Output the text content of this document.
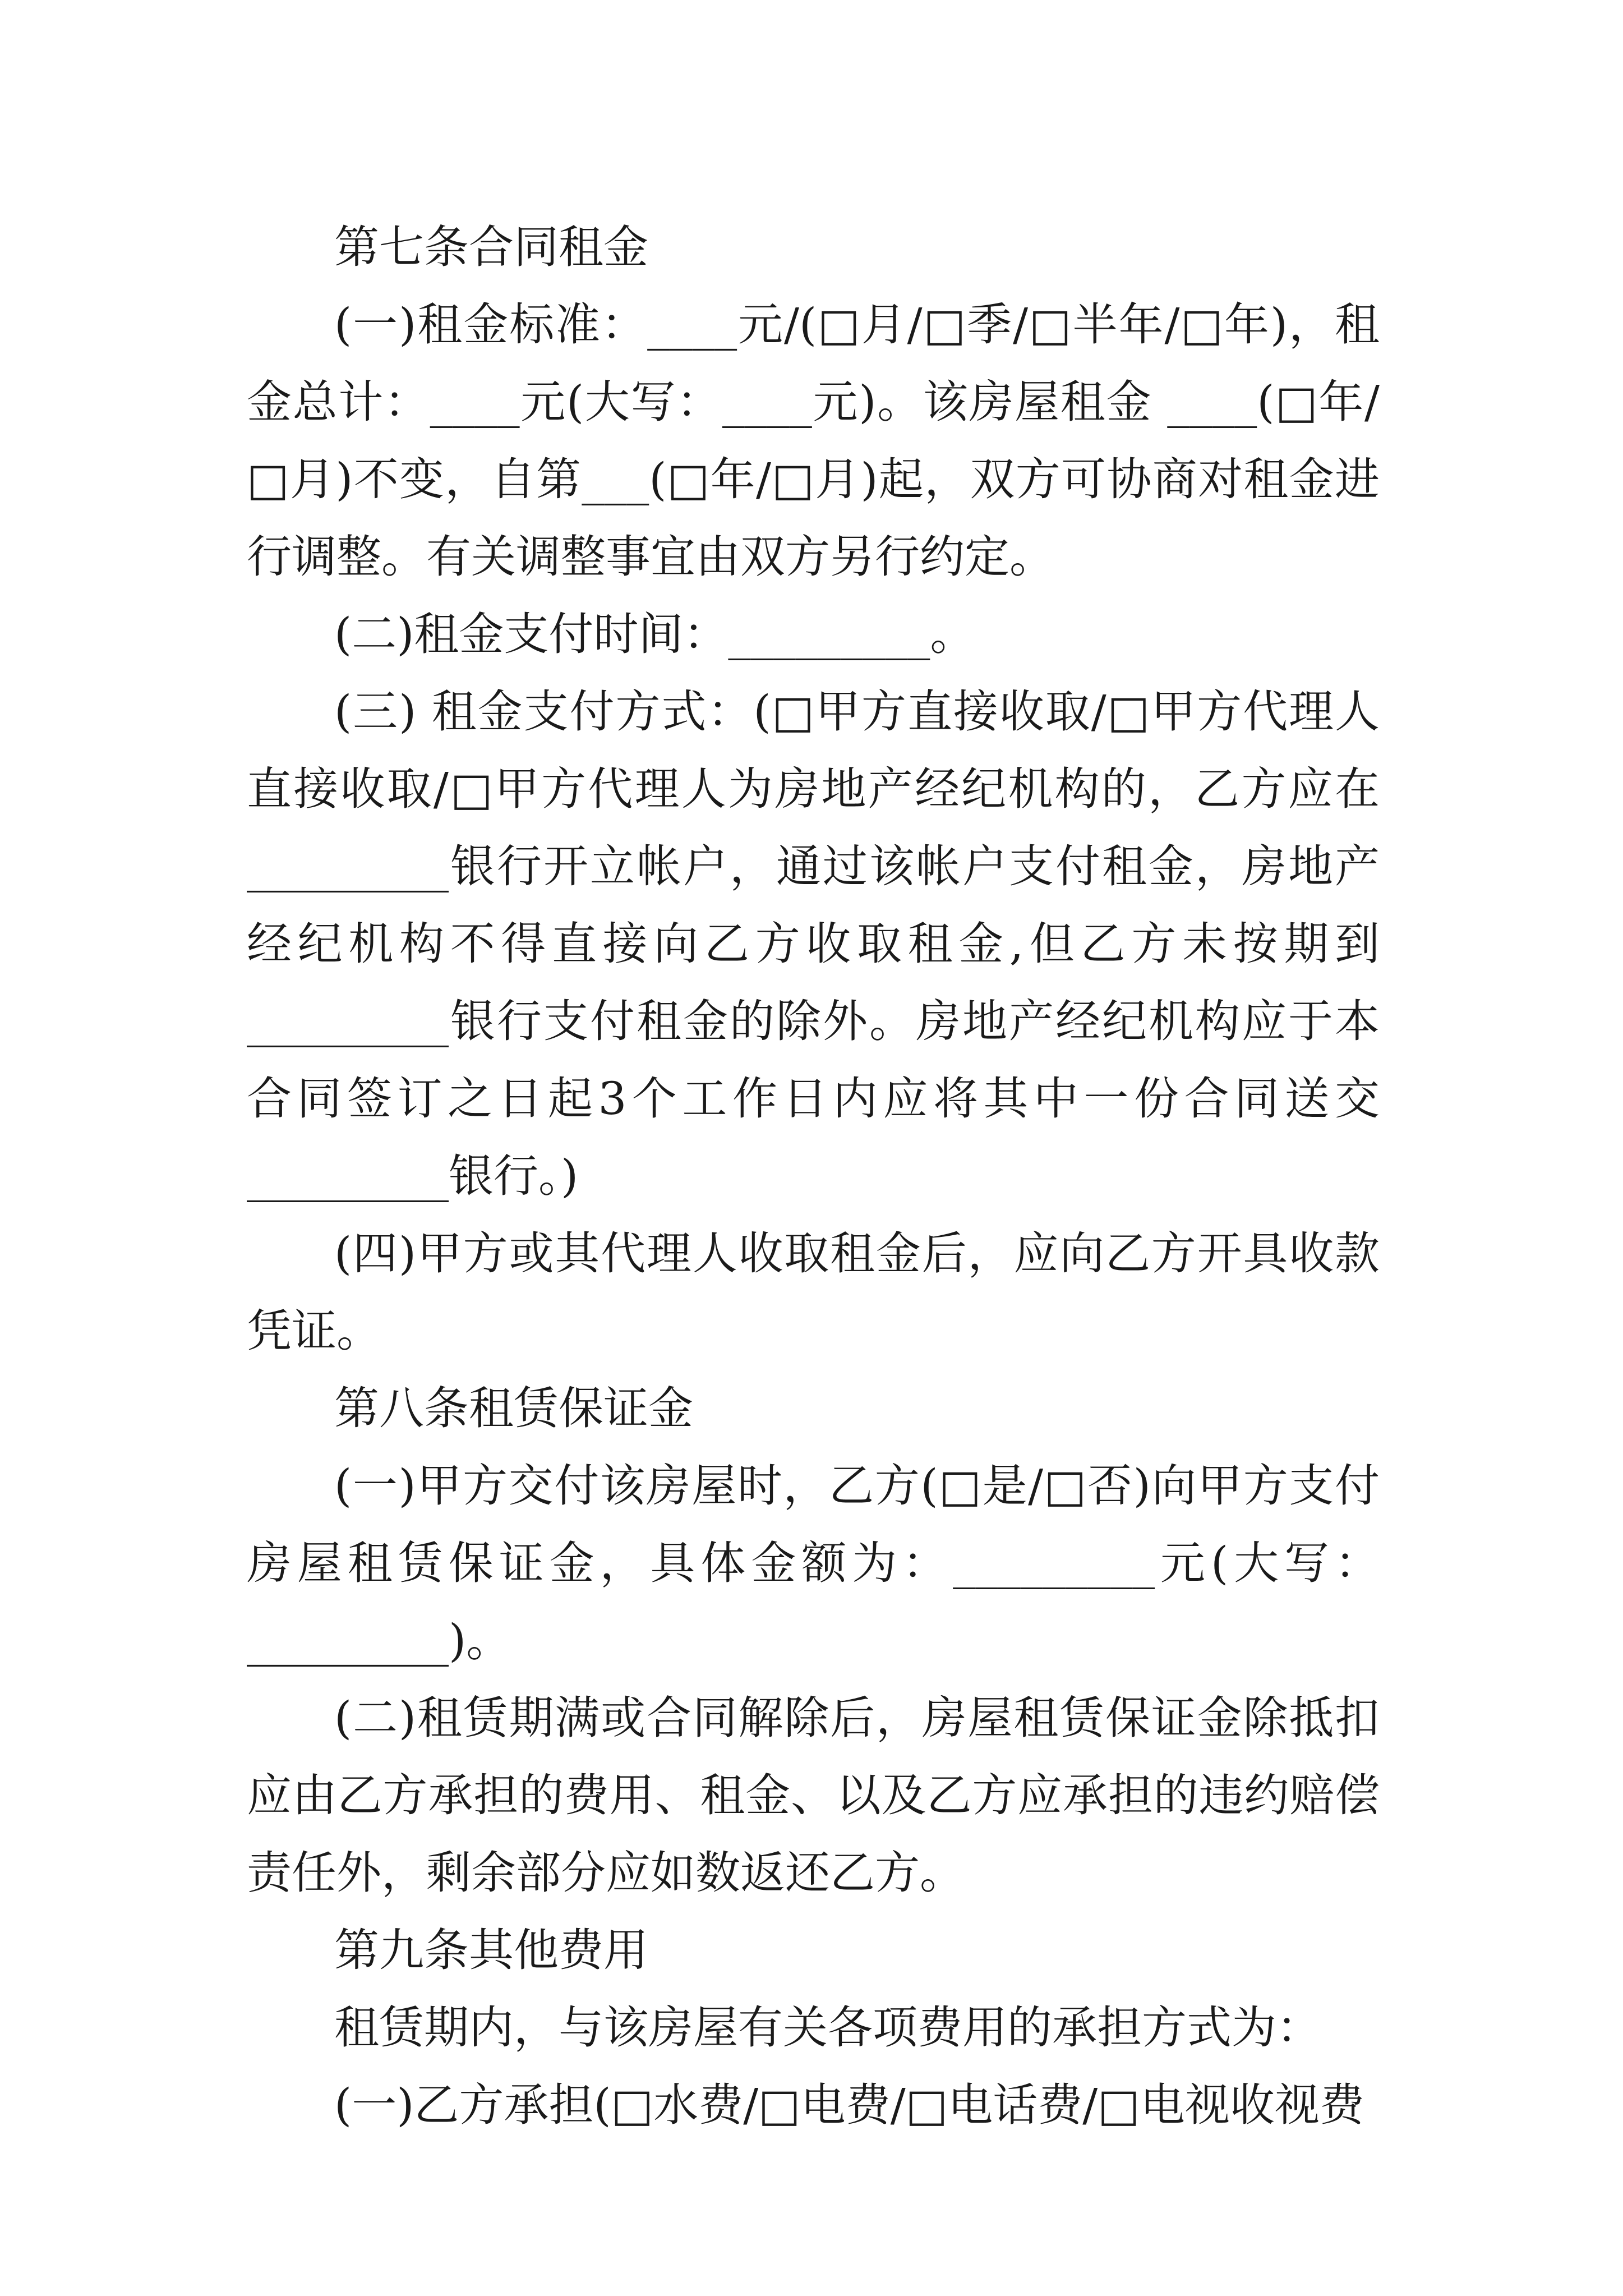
第七条合同租金

(一)租金标准：____元/(□月/□季/□半年/□年)，租金总计：____元(大写：____元)。该房屋租金 ____(□年/□月)不变，自第___(□年/□月)起，双方可协商对租金进行调整。有关调整事宜由双方另行约定。

(二)租金支付时间：_________。

(三) 租金支付方式：(□甲方直接收取/□甲方代理人直接收取/□甲方代理人为房地产经纪机构的，乙方应在_________银行开立帐户，通过该帐户支付租金，房地产经纪机构不得直接向乙方收取租金,但乙方未按期到_________银行支付租金的除外。房地产经纪机构应于本合同签订之日起3个工作日内应将其中一份合同送交_________银行。)

(四)甲方或其代理人收取租金后，应向乙方开具收款凭证。

第八条租赁保证金

(一)甲方交付该房屋时，乙方(□是/□否)向甲方支付房屋租赁保证金，具体金额为：_________元(大写：_________)。

(二)租赁期满或合同解除后，房屋租赁保证金除抵扣应由乙方承担的费用、租金、以及乙方应承担的违约赔偿责任外，剩余部分应如数返还乙方。

第九条其他费用

租赁期内，与该房屋有关各项费用的承担方式为：

(一)乙方承担(□水费/□电费/□电话费/□电视收视费
